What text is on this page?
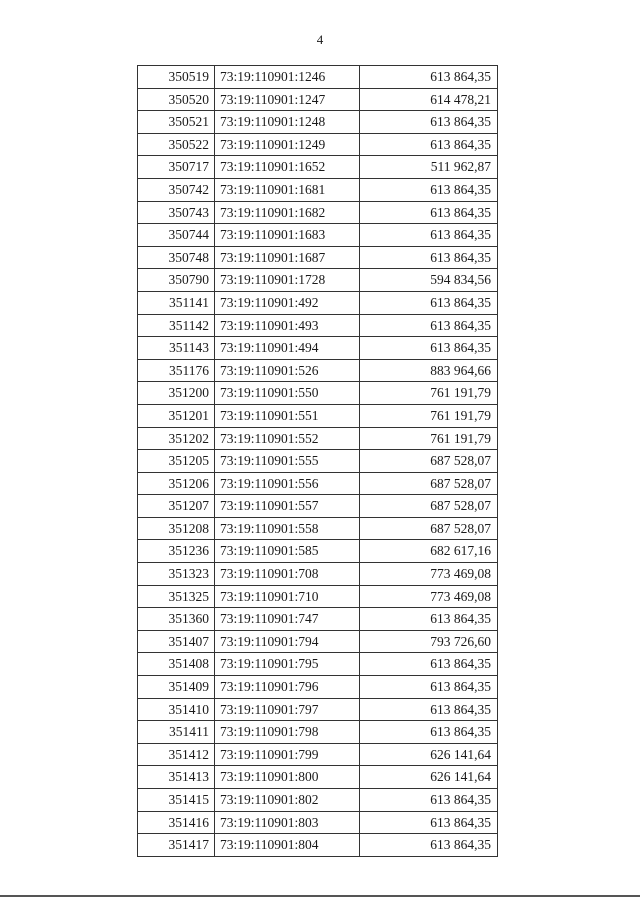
4
350519	73:19:110901:1246	613 864,35
350520	73:19:110901:1247	614 478,21
350521	73:19:110901:1248	613 864,35
350522	73:19:110901:1249	613 864,35
350717	73:19:110901:1652	511 962,87
350742	73:19:110901:1681	613 864,35
350743	73:19:110901:1682	613 864,35
350744	73:19:110901:1683	613 864,35
350748	73:19:110901:1687	613 864,35
350790	73:19:110901:1728	594 834,56
351141	73:19:110901:492	613 864,35
351142	73:19:110901:493	613 864,35
351143	73:19:110901:494	613 864,35
351176	73:19:110901:526	883 964,66
351200	73:19:110901:550	761 191,79
351201	73:19:110901:551	761 191,79
351202	73:19:110901:552	761 191,79
351205	73:19:110901:555	687 528,07
351206	73:19:110901:556	687 528,07
351207	73:19:110901:557	687 528,07
351208	73:19:110901:558	687 528,07
351236	73:19:110901:585	682 617,16
351323	73:19:110901:708	773 469,08
351325	73:19:110901:710	773 469,08
351360	73:19:110901:747	613 864,35
351407	73:19:110901:794	793 726,60
351408	73:19:110901:795	613 864,35
351409	73:19:110901:796	613 864,35
351410	73:19:110901:797	613 864,35
351411	73:19:110901:798	613 864,35
351412	73:19:110901:799	626 141,64
351413	73:19:110901:800	626 141,64
351415	73:19:110901:802	613 864,35
351416	73:19:110901:803	613 864,35
351417	73:19:110901:804	613 864,35
